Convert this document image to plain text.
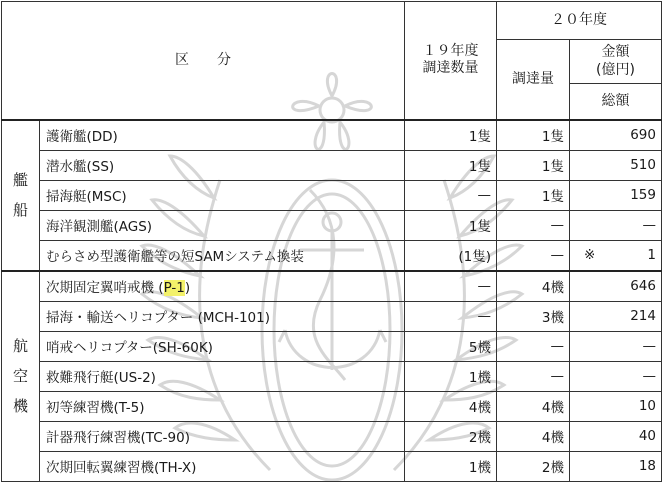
区　　分		１９年度
調達数量	２０年度	
			調達量	金額
(億円)
				総額

艦
船	護衛艦(DD)	1隻	1隻	690

	潜水艦(SS)	1隻	1隻	510

	掃海艇(MSC)	—	1隻	159

	海洋観測艦(AGS)	1隻	—	—

	むらさめ型護衛艦等の短SAMシステム換装	(1隻)	—	※ 1

航
空
機	次期固定翼哨戒機 (P-1)	—	4機	646

	掃海・輸送ヘリコプター (MCH-101)	—	3機	214

	哨戒ヘリコプター(SH-60K)	5機	—	—

	救難飛行艇(US-2)	1機	—	—

	初等練習機(T-5)	4機	4機	10

	計器飛行練習機(TC-90)	2機	4機	40

	次期回転翼練習機(TH-X)	1機	2機	18
